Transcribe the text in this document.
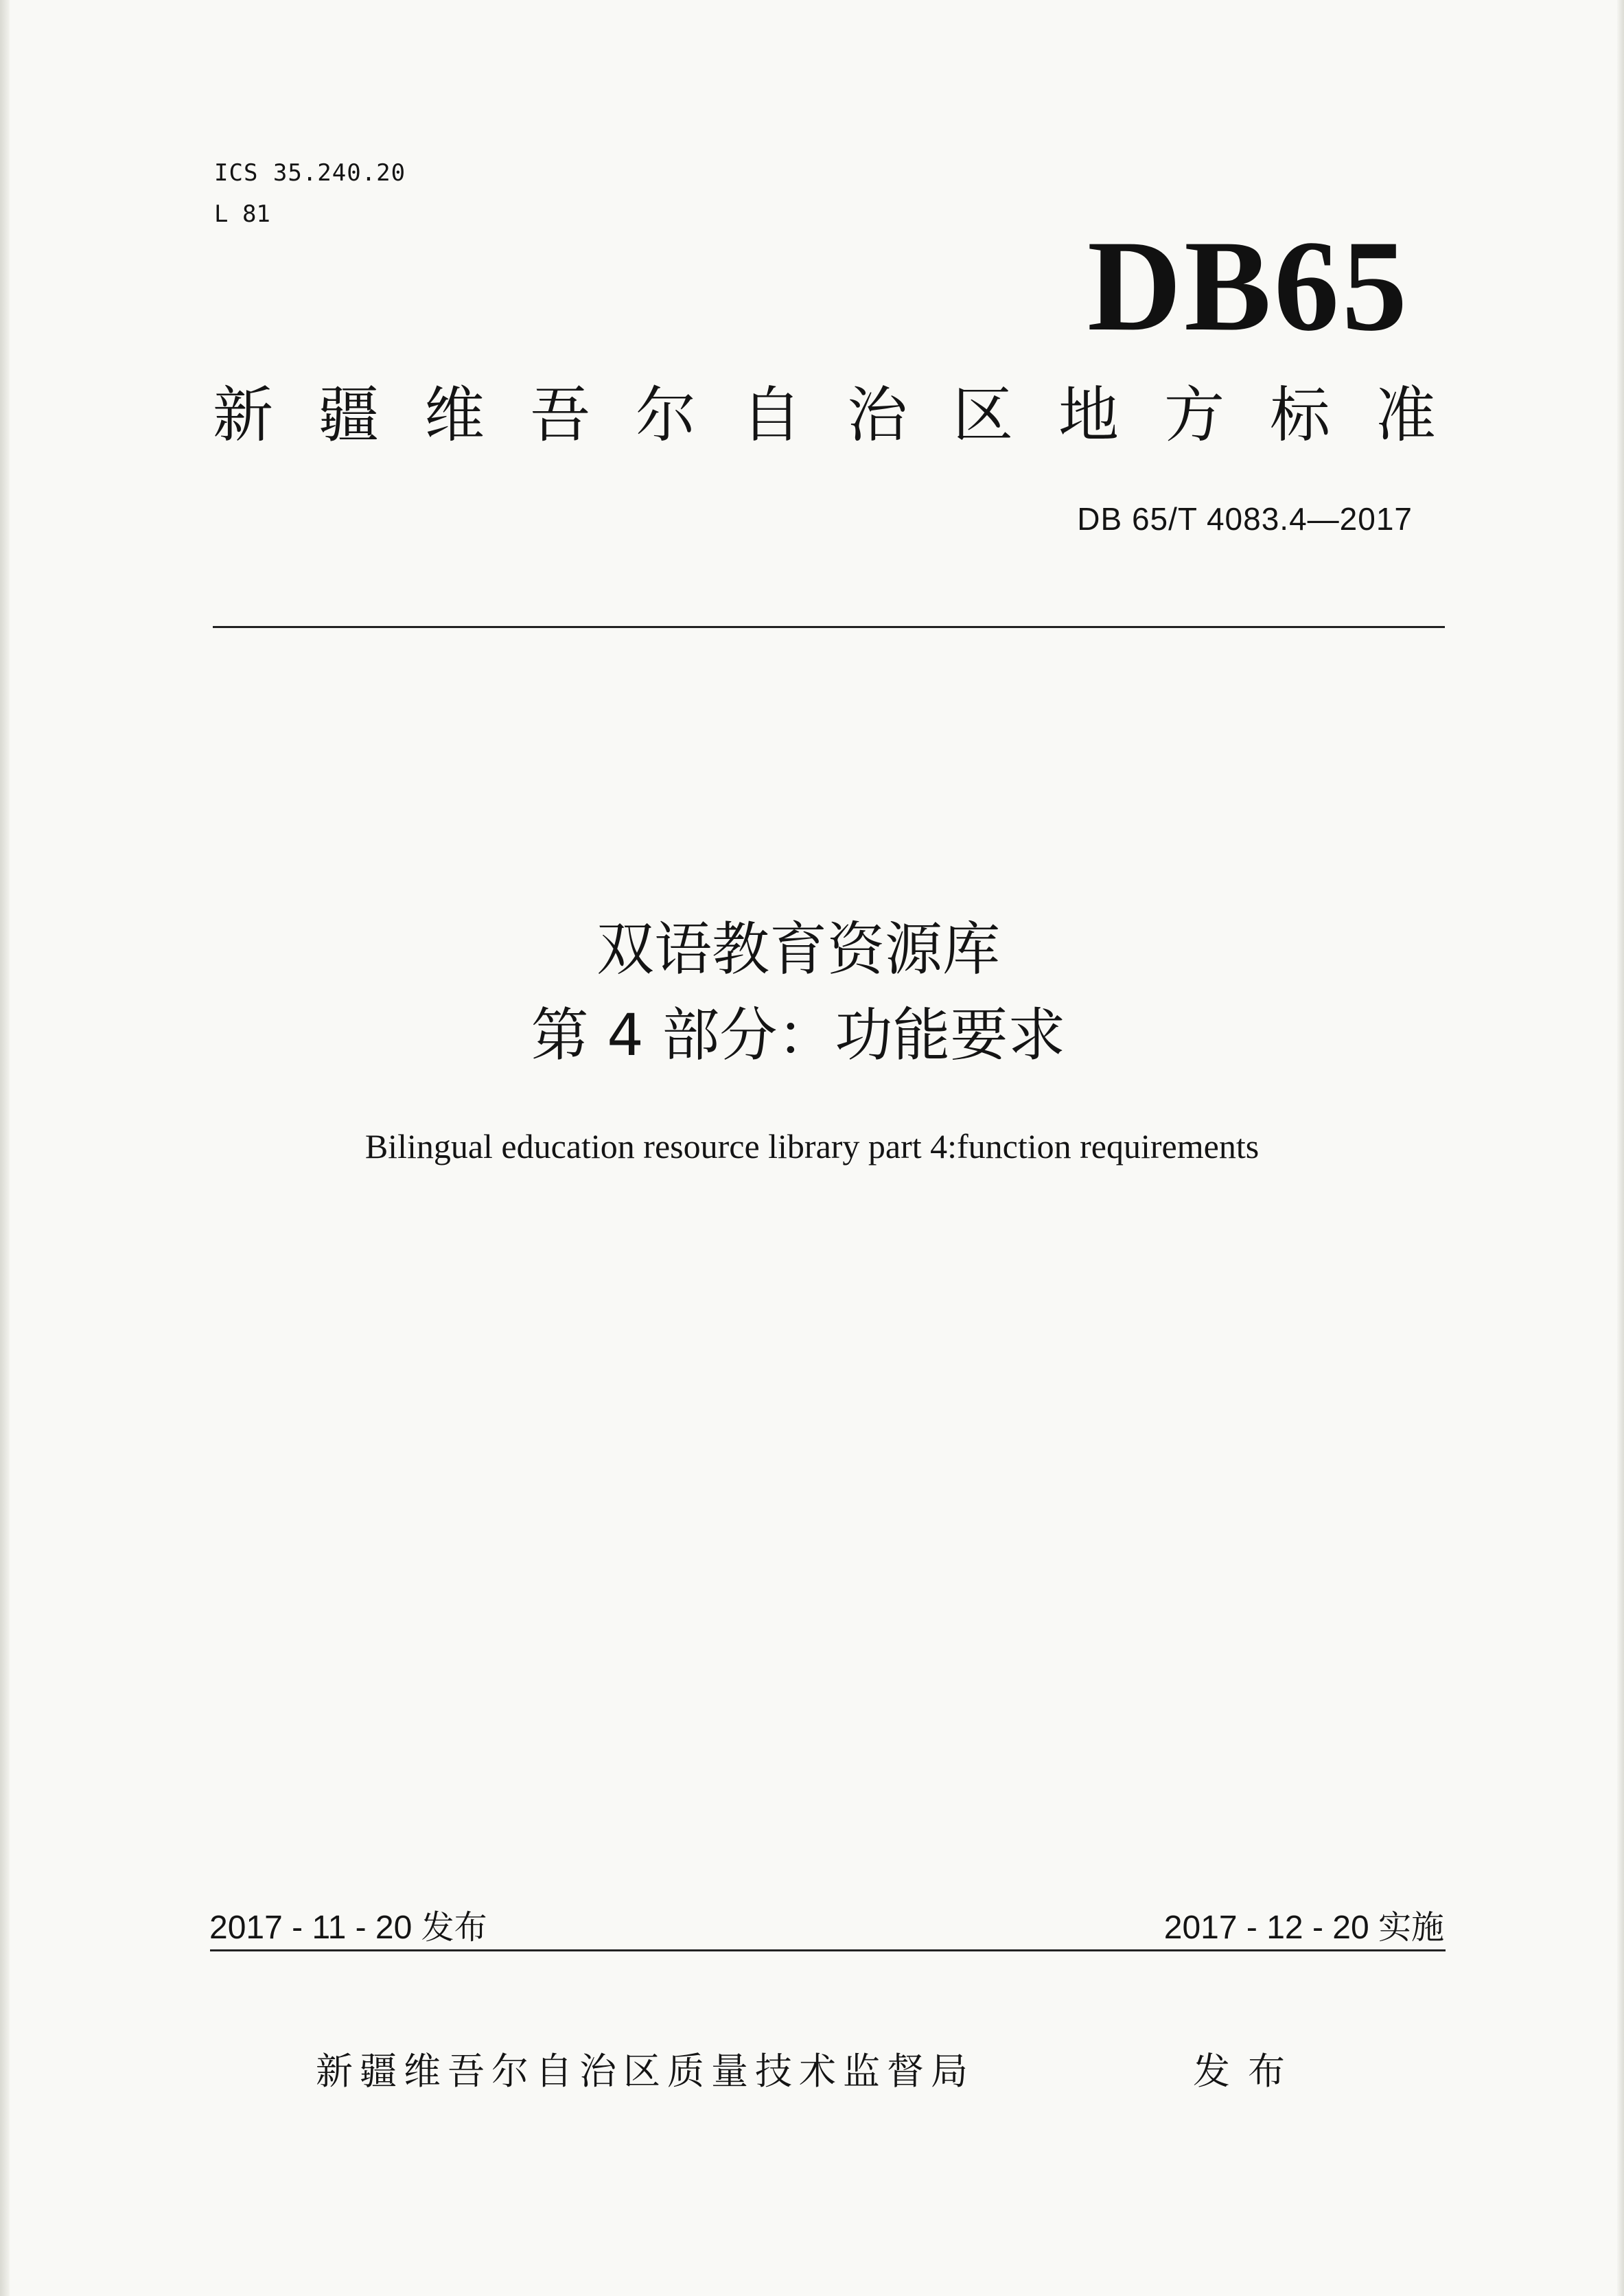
ICS 35.240.20
L 81	DB65
新疆维吾尔自治区地方标准
DB 65/T 4083.4—2017
双语教育资源库
第 4 部分：功能要求
Bilingual education resource library part 4:function requirements
2017 - 11 - 20 发布	2017 - 12 - 20 实施
新疆维吾尔自治区质量技术监督局	发布
